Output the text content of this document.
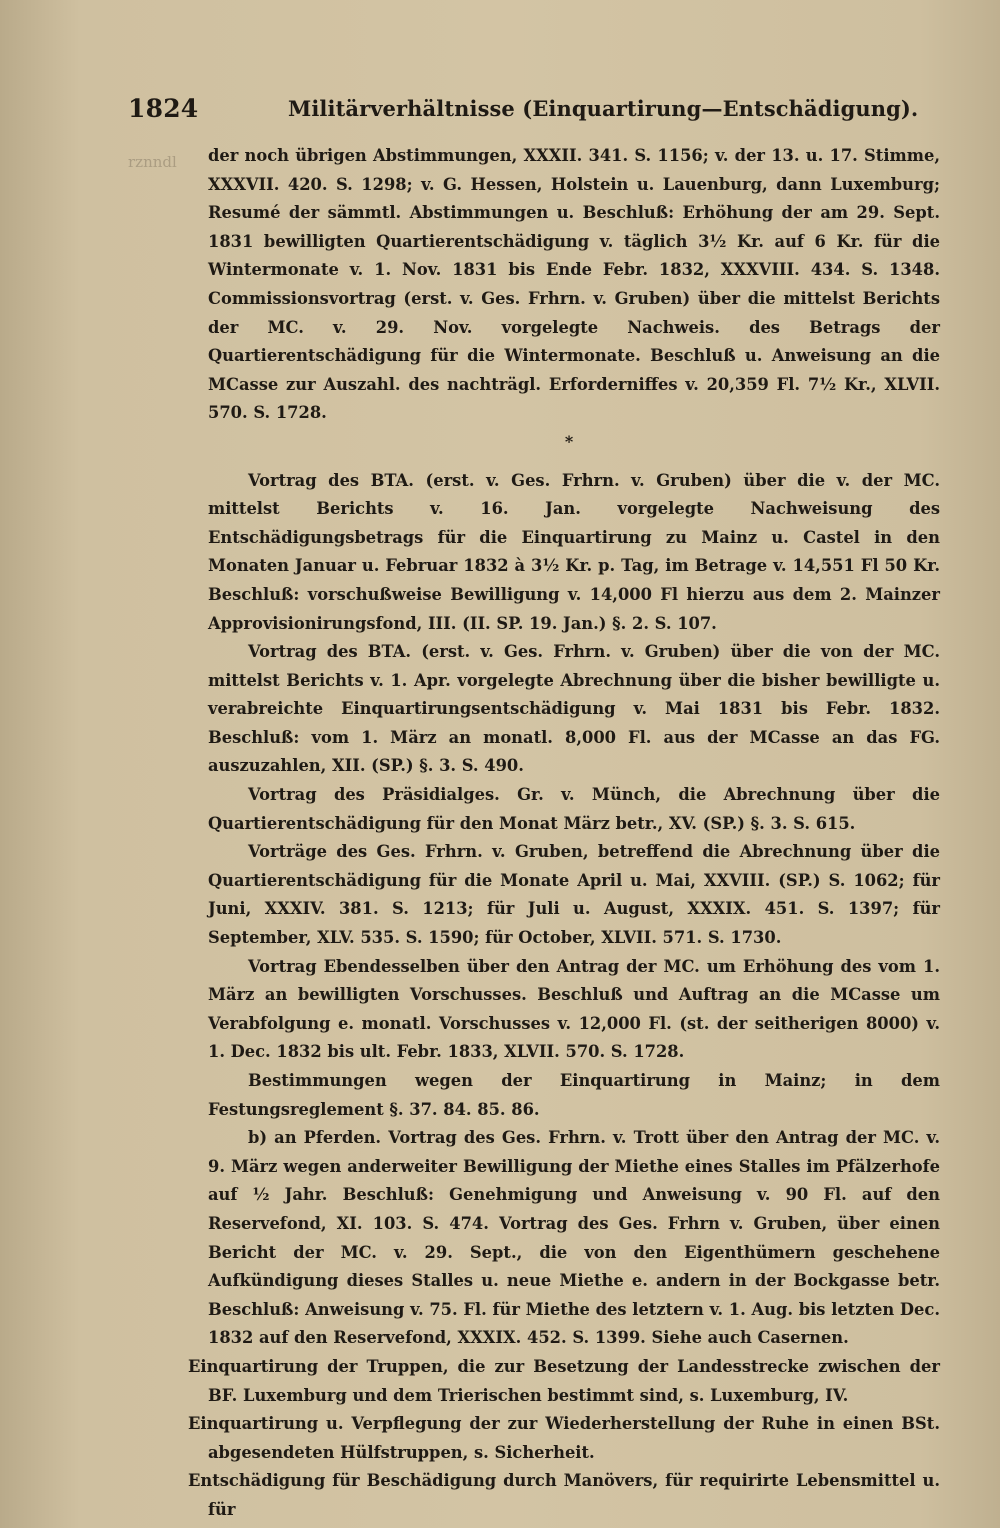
rznndl
1824	Militärverhältnisse (Einquartirung—Entschädigung).

der noch übrigen Abstimmungen, XXXII. 341. S. 1156; v. der 13. u. 17. Stimme, XXXVII. 420. S. 1298; v. G. Hessen, Holstein u. Lauenburg, dann Luxemburg; Resumé der sämmtl. Abstimmungen u. Beschluß: Erhöhung der am 29. Sept. 1831 bewilligten Quartierentschädigung v. täglich 3½ Kr. auf 6 Kr. für die Wintermonate v. 1. Nov. 1831 bis Ende Febr. 1832, XXXVIII. 434. S. 1348. Commissionsvortrag (erst. v. Ges. Frhrn. v. Gruben) über die mittelst Berichts der MC. v. 29. Nov. vorgelegte Nachweis. des Betrags der Quartierentschädigung für die Wintermonate. Beschluß u. Anweisung an die MCasse zur Auszahl. des nachträgl. Erforderniffes v. 20,359 Fl. 7½ Kr., XLVII. 570. S. 1728.

*

Vortrag des BTA. (erst. v. Ges. Frhrn. v. Gruben) über die v. der MC. mittelst Berichts v. 16. Jan. vorgelegte Nachweisung des Entschädigungsbetrags für die Einquartirung zu Mainz u. Castel in den Monaten Januar u. Februar 1832 à 3½ Kr. p. Tag, im Betrage v. 14,551 Fl 50 Kr. Beschluß: vorschußweise Bewilligung v. 14,000 Fl hierzu aus dem 2. Mainzer Approvisionirungsfond, III. (II. SP. 19. Jan.) §. 2. S. 107.

Vortrag des BTA. (erst. v. Ges. Frhrn. v. Gruben) über die von der MC. mittelst Berichts v. 1. Apr. vorgelegte Abrechnung über die bisher bewilligte u. verabreichte Einquartirungsentschädigung v. Mai 1831 bis Febr. 1832. Beschluß: vom 1. März an monatl. 8,000 Fl. aus der MCasse an das FG. auszuzahlen, XII. (SP.) §. 3. S. 490.

Vortrag des Präsidialges. Gr. v. Münch, die Abrechnung über die Quartierentschädigung für den Monat März betr., XV. (SP.) §. 3. S. 615.

Vorträge des Ges. Frhrn. v. Gruben, betreffend die Abrechnung über die Quartierentschädigung für die Monate April u. Mai, XXVIII. (SP.) S. 1062; für Juni, XXXIV. 381. S. 1213; für Juli u. August, XXXIX. 451. S. 1397; für September, XLV. 535. S. 1590; für October, XLVII. 571. S. 1730.

Vortrag Ebendesselben über den Antrag der MC. um Erhöhung des vom 1. März an bewilligten Vorschusses. Beschluß und Auftrag an die MCasse um Verabfolgung e. monatl. Vorschusses v. 12,000 Fl. (st. der seitherigen 8000) v. 1. Dec. 1832 bis ult. Febr. 1833, XLVII. 570. S. 1728.

Bestimmungen wegen der Einquartirung in Mainz; in dem Festungsreglement §. 37. 84. 85. 86.

b) an Pferden. Vortrag des Ges. Frhrn. v. Trott über den Antrag der MC. v. 9. März wegen anderweiter Bewilligung der Miethe eines Stalles im Pfälzerhofe auf ½ Jahr. Beschluß: Genehmigung und Anweisung v. 90 Fl. auf den Reservefond, XI. 103. S. 474. Vortrag des Ges. Frhrn v. Gruben, über einen Bericht der MC. v. 29. Sept., die von den Eigenthümern geschehene Aufkündigung dieses Stalles u. neue Miethe e. andern in der Bockgasse betr. Beschluß: Anweisung v. 75. Fl. für Miethe des letztern v. 1. Aug. bis letzten Dec. 1832 auf den Reservefond, XXXIX. 452. S. 1399. Siehe auch Casernen.

Einquartirung der Truppen, die zur Besetzung der Landesstrecke zwischen der BF. Luxemburg und dem Trierischen bestimmt sind, s. Luxemburg, IV.

Einquartirung u. Verpflegung der zur Wiederherstellung der Ruhe in einen BSt. abgesendeten Hülfstruppen, s. Sicherheit.

Entschädigung für Beschädigung durch Manövers, für requirirte Lebensmittel u. für
